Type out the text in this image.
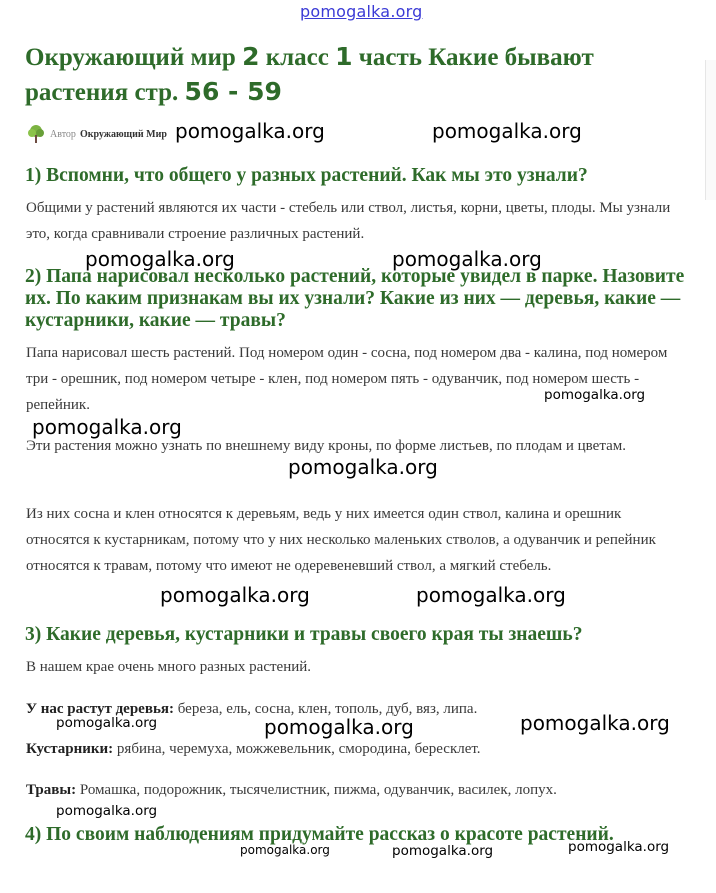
pomogalka.org
Окружающий мир 2 класс 1 часть Какие бывают растения стр. 56 - 59
Автор Окружающий Мир
1) Вспомни, что общего у разных растений. Как мы это узнали?

Общими у растений являются их части - стебель или ствол, листья, корни, цветы, плоды. Мы узнали это, когда сравнивали строение различных растений.

2) Папа нарисовал несколько растений, которые увидел в парке. Назовите их. По каким признакам вы их узнали? Какие из них — деревья, какие — кустарники, какие — травы?

Папа нарисовал шесть растений. Под номером один - сосна, под номером два - калина, под номером три - орешник, под номером четыре - клен, под номером пять - одуванчик, под номером шесть - репейник.

Эти растения можно узнать по внешнему виду кроны, по форме листьев, по плодам и цветам.

Из них сосна и клен относятся к деревьям, ведь у них имеется один ствол, калина и орешник относятся к кустарникам, потому что у них несколько маленьких стволов, а одуванчик и репейник относятся к травам, потому что имеют не одеревеневший ствол, а мягкий стебель.

3) Какие деревья, кустарники и травы своего края ты знаешь?

В нашем крае очень много разных растений.

У нас растут деревья: береза, ель, сосна, клен, тополь, дуб, вяз, липа.

Кустарники: рябина, черемуха, можжевельник, смородина, бересклет.

Травы: Ромашка, подорожник, тысячелистник, пижма, одуванчик, василек, лопух.

4) По своим наблюдениям придумайте рассказ о красоте растений.
pomogalka.org	pomogalka.org
pomogalka.org	pomogalka.org
pomogalka.org
pomogalka.org
pomogalka.org
pomogalka.org	pomogalka.org
pomogalka.org	pomogalka.org	pomogalka.org
pomogalka.org
pomogalka.org	pomogalka.org	pomogalka.org
